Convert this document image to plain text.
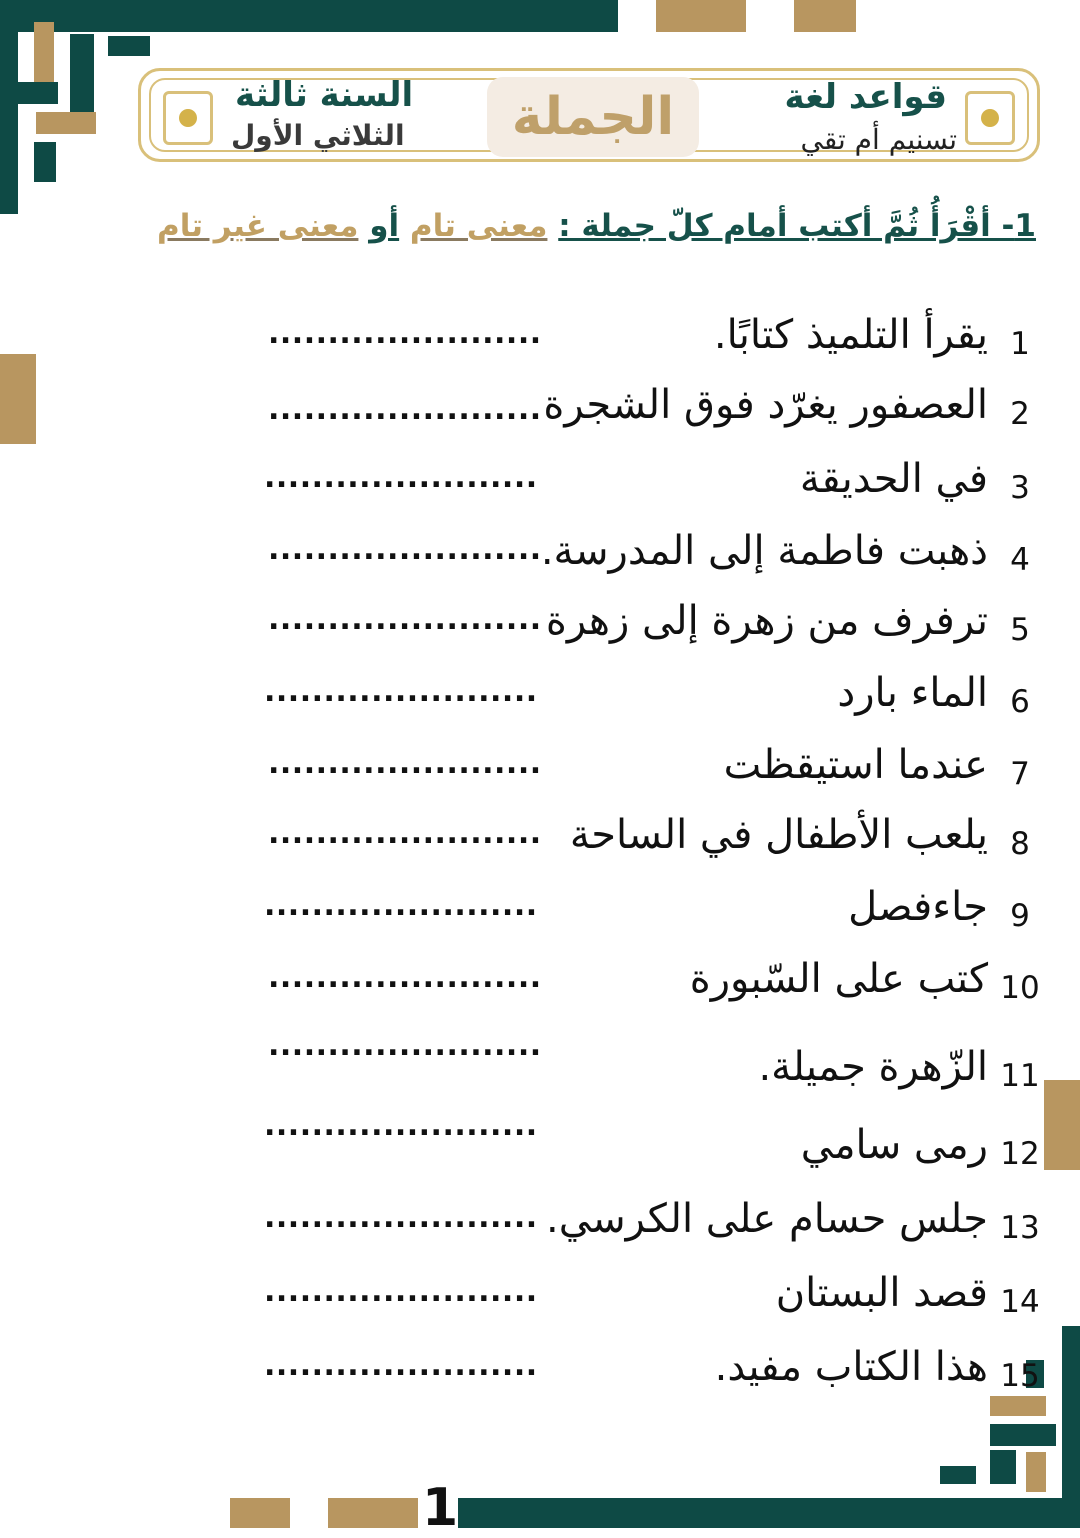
قواعد لغة
تسنيم أم تقي
الجملة
السنة ثالثة
الثلاثي الأول
1- أقْرَأُ ثُمَّ أكتب أمام كلّ جملة : معنى تام أو معنى غير تام
1
يقرأ التلميذ كتابًا.
.......................
2
العصفور يغرّد فوق الشجرة
.......................
3
في الحديقة
.......................
4
ذهبت فاطمة إلى المدرسة.
.......................
5
ترفرف من زهرة إلى زهرة
.......................
6
الماء بارد
.......................
7
عندما استيقظت
.......................
8
يلعب الأطفال في الساحة
.......................
9
جاءفصل
.......................
10
كتب على السّبورة
.......................
11
الزّهرة جميلة.
.......................
12
رمى سامي
.......................
13
جلس حسام على الكرسي.
.......................
14
قصد البستان
.......................
15
هذا الكتاب مفيد.
.......................
1
